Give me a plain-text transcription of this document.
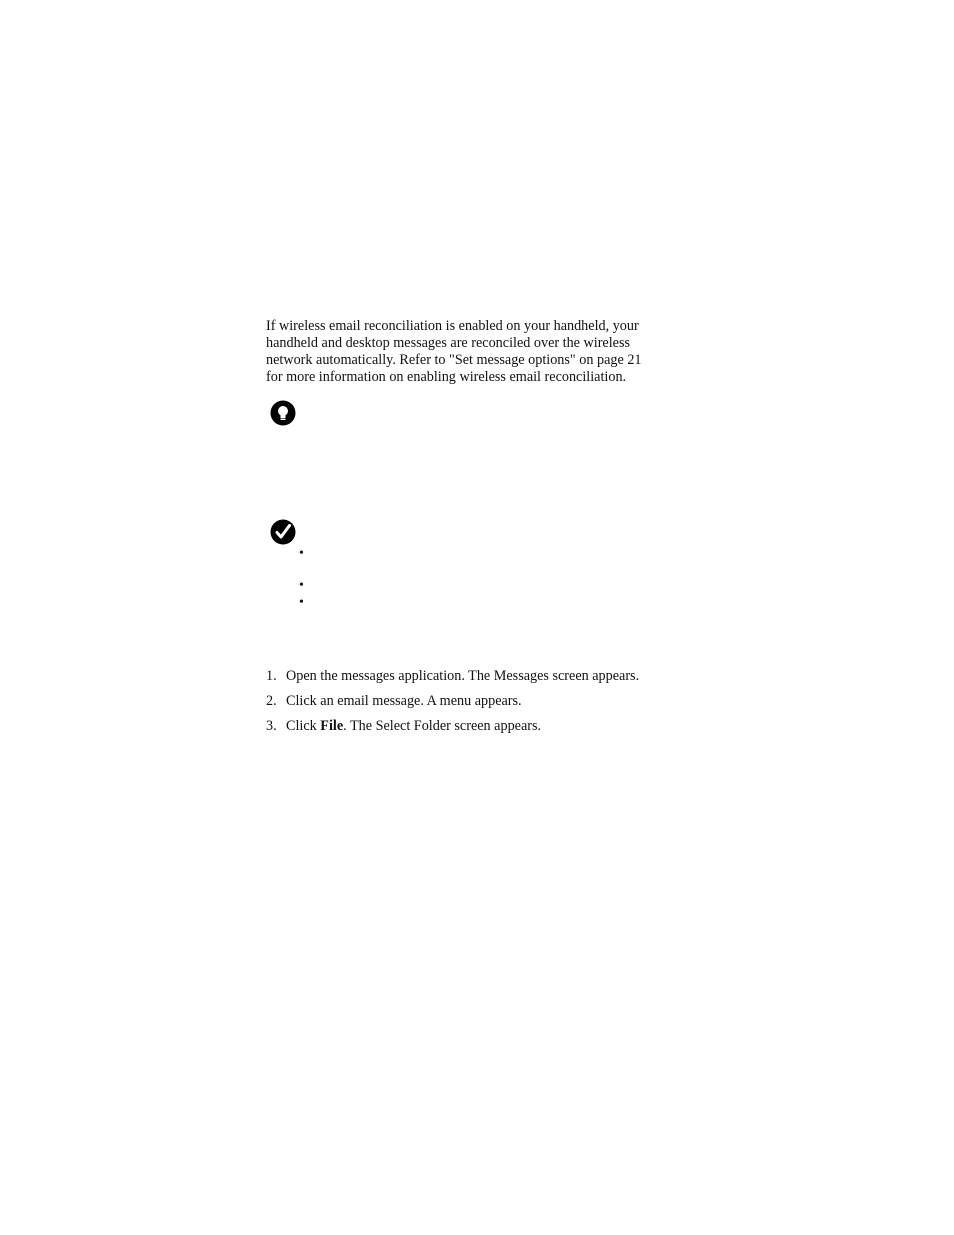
If wireless email reconciliation is enabled on your handheld, your
handheld and desktop messages are reconciled over the wireless
network automatically. Refer to "Set message options" on page 21
for more information on enabling wireless email reconciliation.

•
•
•
1. Open the messages application. The Messages screen appears.
2. Click an email message. A menu appears.
3. Click File. The Select Folder screen appears.
